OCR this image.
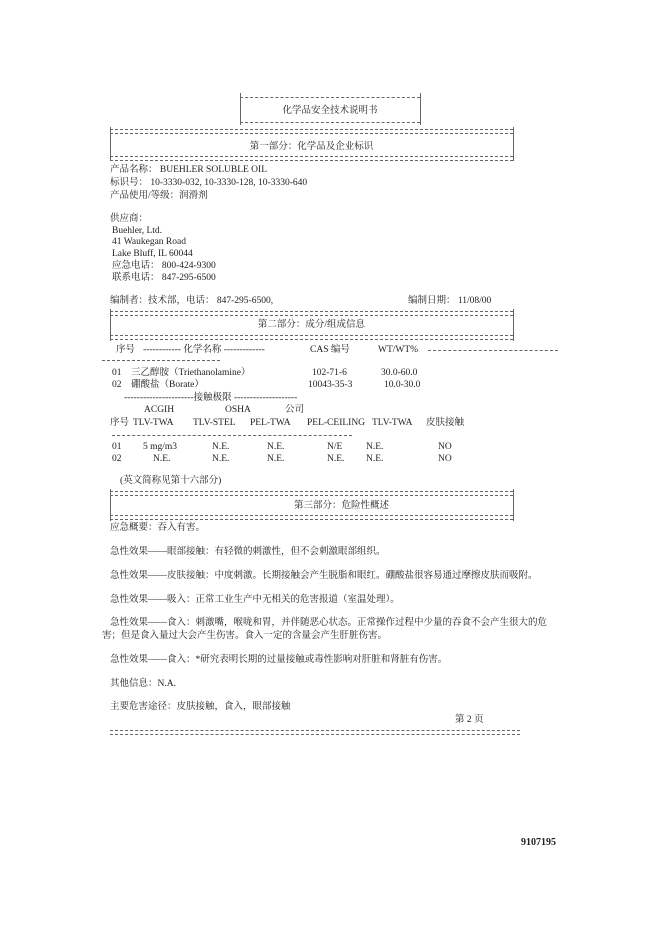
化学品安全技术说明书
第一部分：化学品及企业标识
产品名称： BUEHLER SOLUBLE OIL
标识号： 10-3330-032, 10-3330-128, 10-3330-640
产品使用/等级：润滑剂
供应商：
Buehler, Ltd.
41 Waukegan Road
Lake Bluff, IL 60044
应急电话： 800-424-9300
联系电话： 847-295-6500
编制者：技术部，电话： 847-295-6500,	编制日期： 11/08/00
第二部分：成分/组成信息
序号 ------------ 化学名称 -------------	CAS 编号	WT/WT%
01 三乙醇胺（Triethanolamine）	102-71-6	30.0-60.0
02 硼酸盐（Borate）	10043-35-3	10.0-30.0
----------------------接触极限 --------------------
ACGIH	OSHA	公司
序号 TLV-TWA TLV-STEL PEL-TWA PEL-CEILING TLV-TWA 皮肤接触
01 5 mg/m3	N.E.	N.E.	N/E N.E.	NO
02	N.E.	N.E.	N.E.	N.E. N.E.	NO
(英文简称见第十六部分)
第三部分：危险性概述
应急概要：吞入有害。
急性效果——眼部接触：有轻微的刺激性，但不会刺激眼部组织。
急性效果——皮肤接触：中度刺激。长期接触会产生脱脂和眼红。硼酸盐很容易通过摩擦皮肤而吸附。
急性效果——吸入：正常工业生产中无相关的危害报道（室温处理）。
急性效果——食入：刺激嘴，喉咙和胃，并伴随恶心状态。正常操作过程中少量的吞食不会产生很大的危
害；但是食入量过大会产生伤害。食入一定的含量会产生肝脏伤害。
急性效果——食入：*研究表明长期的过量接触或毒性影响对肝脏和肾脏有伤害。
其他信息：N.A.
主要危害途径：皮肤接触，食入，眼部接触
第 2 页
9107195
